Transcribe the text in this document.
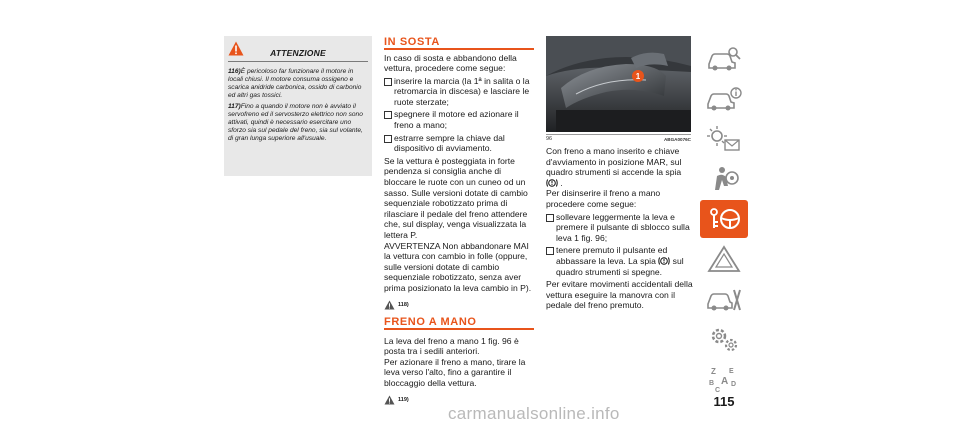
ATTENZIONE

116)È pericoloso far funzionare il motore in locali chiusi. Il motore consuma ossigeno e scarica anidride carbonica, ossido di carbonio ed altri gas tossici.

117)Fino a quando il motore non è avviato il servofreno ed il servosterzo elettrico non sono attivati, quindi è necessario esercitare uno sforzo sia sul pedale del freno, sia sul volante, di gran lunga superiore all'usuale.

IN SOSTA
In caso di sosta e abbandono della vettura, procedere come segue:
inserire la marcia (la 1ª in salita o la retromarcia in discesa) e lasciare le ruote sterzate;
spegnere il motore ed azionare il freno a mano;
estrarre sempre la chiave dal dispositivo di avviamento.
Se la vettura è posteggiata in forte pendenza si consiglia anche di bloccare le ruote con un cuneo od un sasso. Sulle versioni dotate di cambio sequenziale robotizzato prima di rilasciare il pedale del freno attendere che, sul display, venga visualizzata la lettera P.
AVVERTENZA Non abbandonare MAI la vettura con cambio in folle (oppure, sulle versioni dotate di cambio sequenziale robotizzato, senza aver prima posizionato la leva cambio in P).
118)
FRENO A MANO
La leva del freno a mano 1 fig. 96 è posta tra i sedili anteriori.
Per azionare il freno a mano, tirare la leva verso l'alto, fino a garantire il bloccaggio della vettura.
119)
1
96	ABGA0076C
Con freno a mano inserito e chiave d'avviamento in posizione MAR, sul quadro strumenti si accende la spia  .
Per disinserire il freno a mano procedere come segue:
sollevare leggermente la leva e premere il pulsante di sblocco sulla leva 1 fig. 96;
tenere premuto il pulsante ed abbassare la leva. La spia sul quadro strumenti si spegne.
Per evitare movimenti accidentali della vettura eseguire la manovra con il pedale del freno premuto.
Z E
B A D
C
115
carmanualsonline.info
